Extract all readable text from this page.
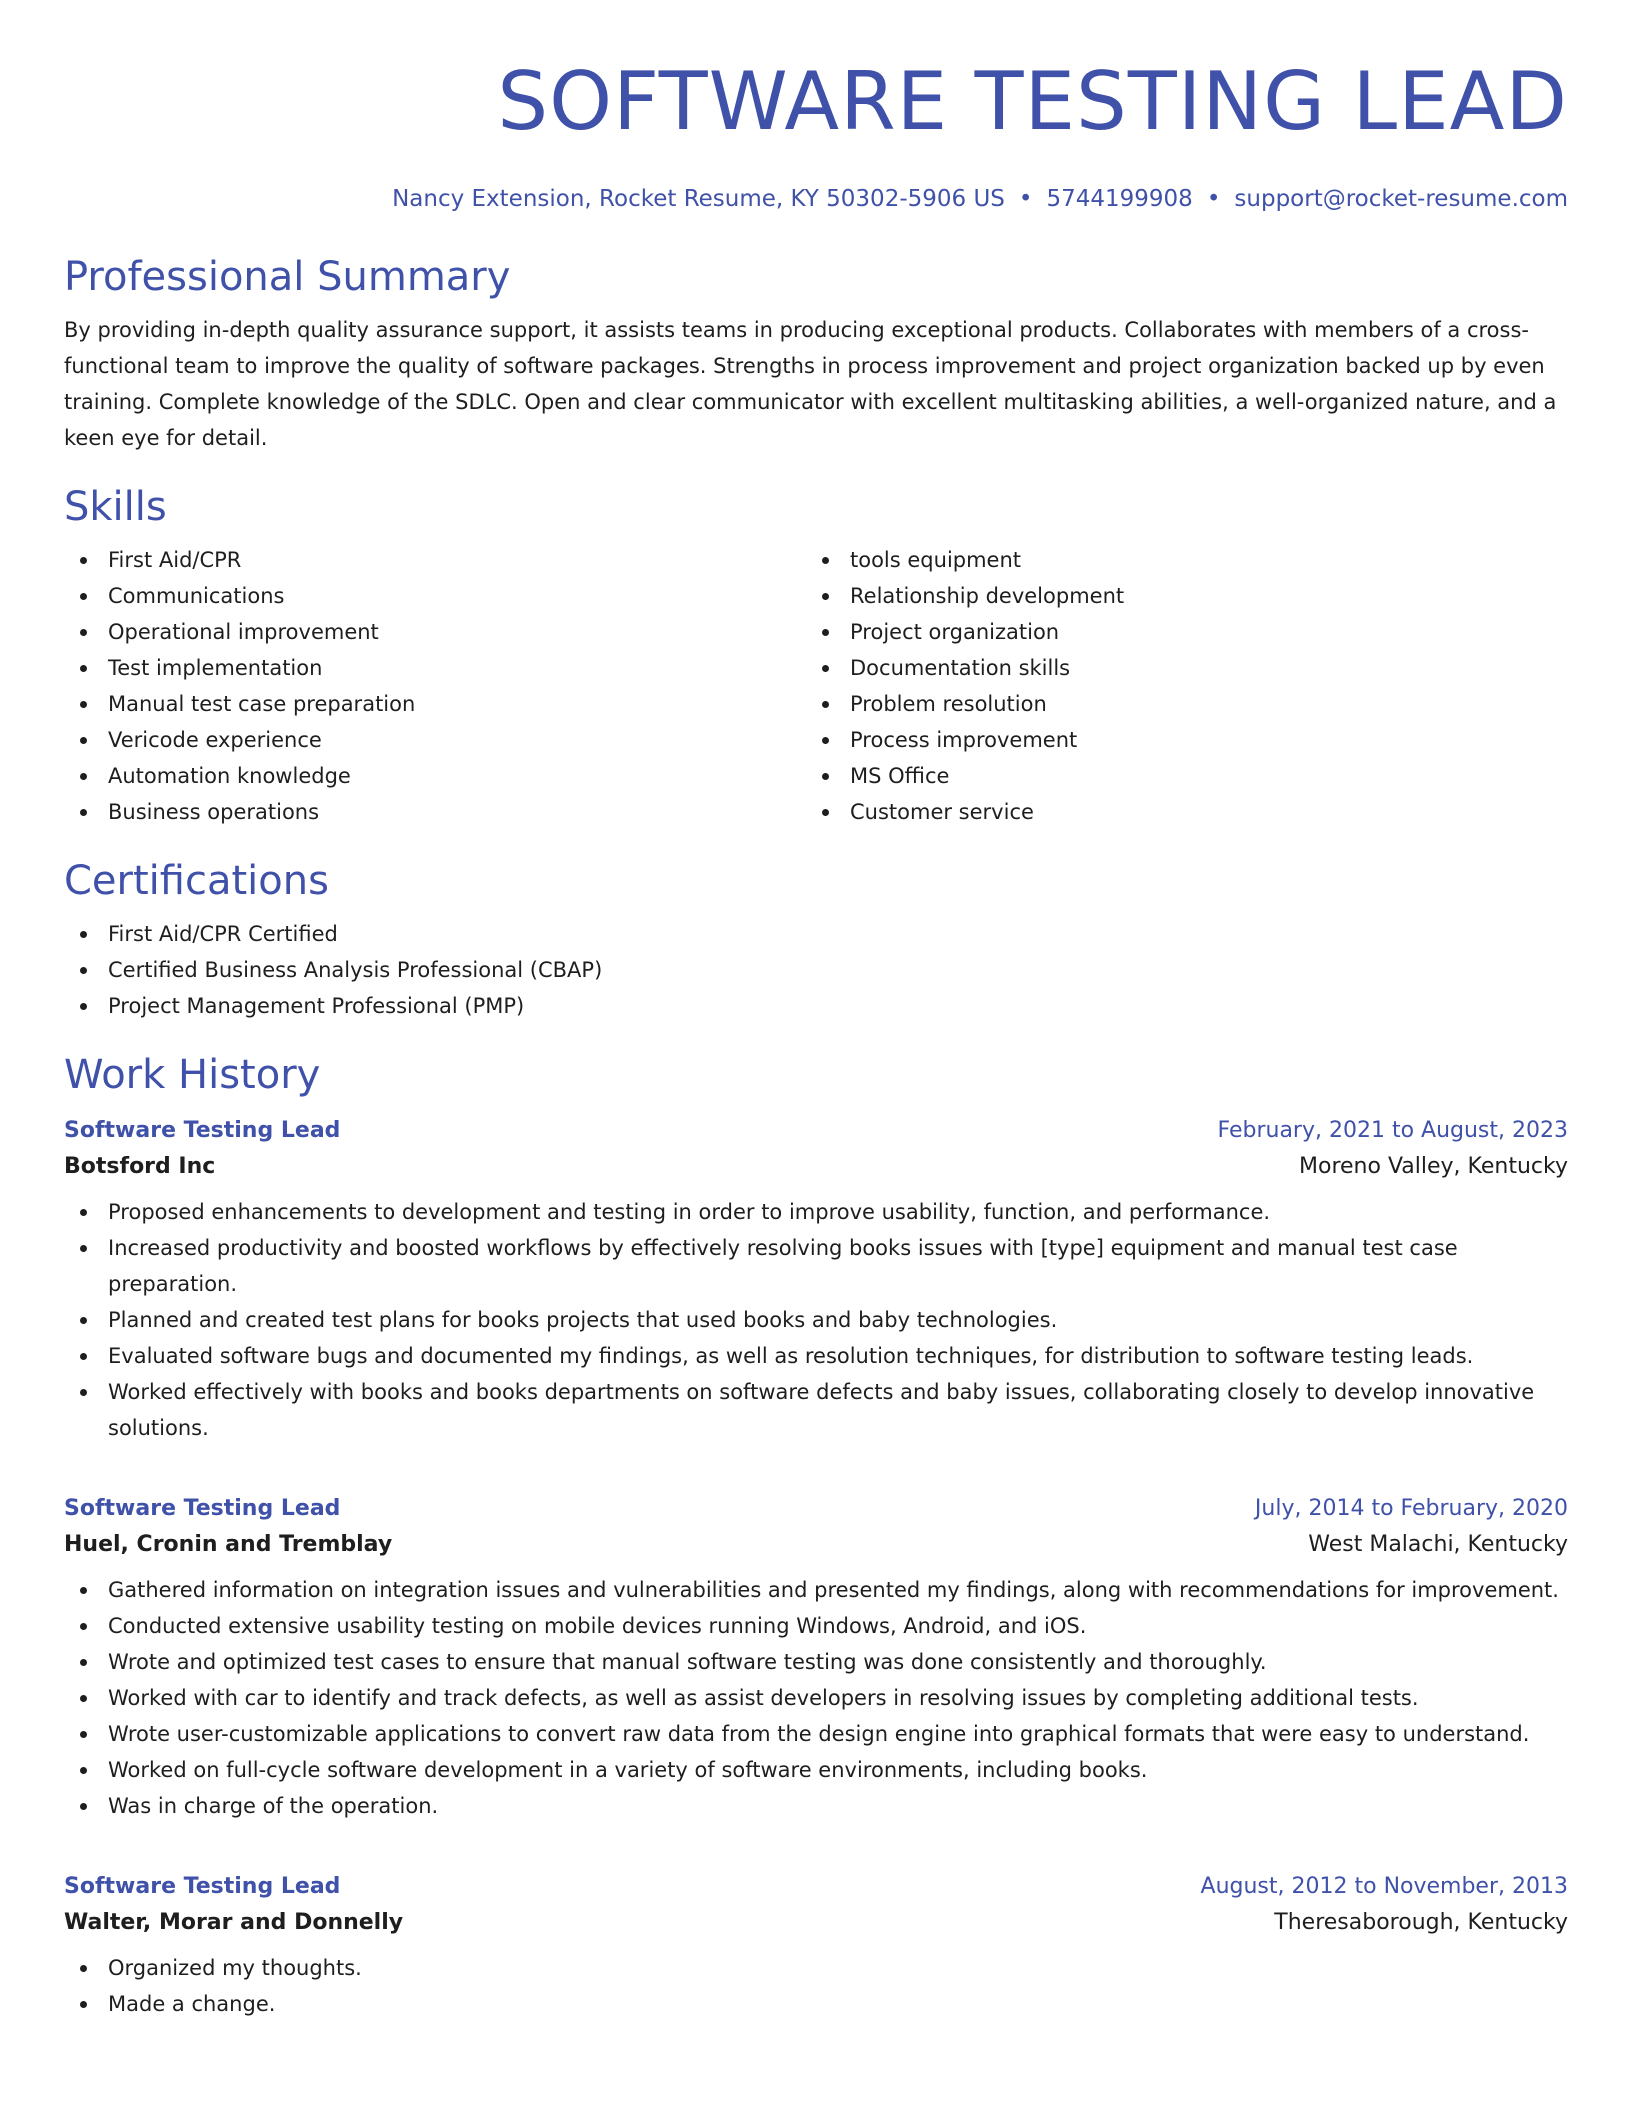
SOFTWARE TESTING LEAD
Nancy Extension, Rocket Resume, KY 50302-5906 US • 5744199908 • support@rocket-resume.com
Professional Summary

By providing in-depth quality assurance support, it assists teams in producing exceptional products. Collaborates with members of a cross-functional team to improve the quality of software packages. Strengths in process improvement and project organization backed up by even training. Complete knowledge of the SDLC. Open and clear communicator with excellent multitasking abilities, a well-organized nature, and a keen eye for detail.

Skills
First Aid/CPR
Communications
Operational improvement
Test implementation
Manual test case preparation
Vericode experience
Automation knowledge
Business operations
tools equipment
Relationship development
Project organization
Documentation skills
Problem resolution
Process improvement
MS Office
Customer service
Certifications
First Aid/CPR Certified
Certified Business Analysis Professional (CBAP)
Project Management Professional (PMP)
Work History
Software Testing Lead	February, 2021 to August, 2023
Botsford Inc	Moreno Valley, Kentucky
Proposed enhancements to development and testing in order to improve usability, function, and performance.
Increased productivity and boosted workflows by effectively resolving books issues with [type] equipment and manual test case preparation.
Planned and created test plans for books projects that used books and baby technologies.
Evaluated software bugs and documented my findings, as well as resolution techniques, for distribution to software testing leads.
Worked effectively with books and books departments on software defects and baby issues, collaborating closely to develop innovative solutions.
Software Testing Lead	July, 2014 to February, 2020
Huel, Cronin and Tremblay	West Malachi, Kentucky
Gathered information on integration issues and vulnerabilities and presented my findings, along with recommendations for improvement.
Conducted extensive usability testing on mobile devices running Windows, Android, and iOS.
Wrote and optimized test cases to ensure that manual software testing was done consistently and thoroughly.
Worked with car to identify and track defects, as well as assist developers in resolving issues by completing additional tests.
Wrote user-customizable applications to convert raw data from the design engine into graphical formats that were easy to understand.
Worked on full-cycle software development in a variety of software environments, including books.
Was in charge of the operation.
Software Testing Lead	August, 2012 to November, 2013
Walter, Morar and Donnelly	Theresaborough, Kentucky
Organized my thoughts.
Made a change.
